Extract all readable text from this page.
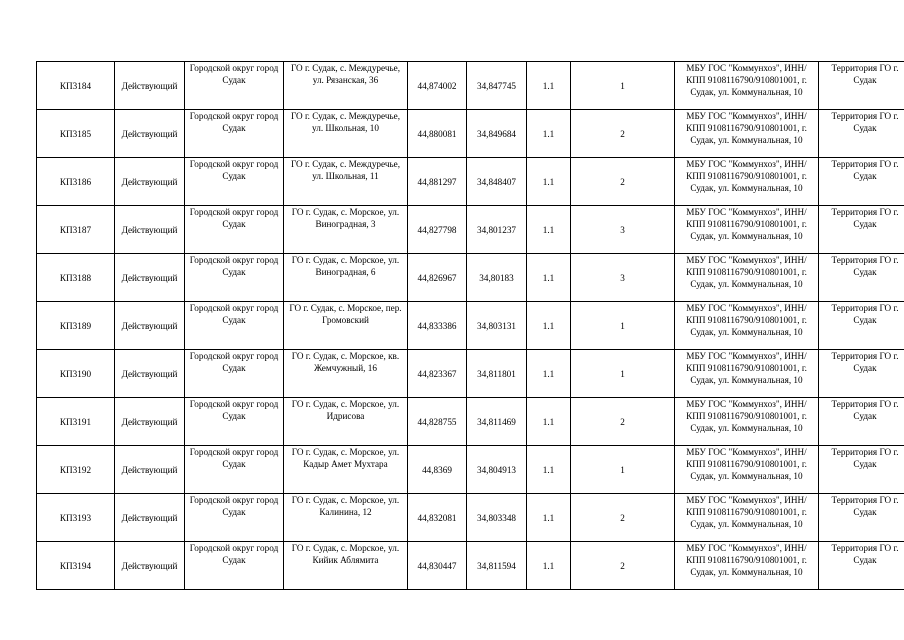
КП3184	Действующий	Городской округ город Судак	ГО г. Судак, с. Междуречье, ул. Рязанская, 36	44,874002	34,847745	1.1	1	МБУ ГОС "Коммунхоз", ИНН/КПП 9108116790/910801001, г. Судак, ул. Коммунальная, 10	Территория ГО г. Судак
КП3185	Действующий	Городской округ город Судак	ГО г. Судак, с. Междуречье, ул. Школьная, 10	44,880081	34,849684	1.1	2	МБУ ГОС "Коммунхоз", ИНН/КПП 9108116790/910801001, г. Судак, ул. Коммунальная, 10	Территория ГО г. Судак
КП3186	Действующий	Городской округ город Судак	ГО г. Судак, с. Междуречье, ул. Школьная, 11	44,881297	34,848407	1.1	2	МБУ ГОС "Коммунхоз", ИНН/КПП 9108116790/910801001, г. Судак, ул. Коммунальная, 10	Территория ГО г. Судак
КП3187	Действующий	Городской округ город Судак	ГО г. Судак, с. Морское, ул. Виноградная, 3	44,827798	34,801237	1.1	3	МБУ ГОС "Коммунхоз", ИНН/КПП 9108116790/910801001, г. Судак, ул. Коммунальная, 10	Территория ГО г. Судак
КП3188	Действующий	Городской округ город Судак	ГО г. Судак, с. Морское, ул. Виноградная, 6	44,826967	34,80183	1.1	3	МБУ ГОС "Коммунхоз", ИНН/КПП 9108116790/910801001, г. Судак, ул. Коммунальная, 10	Территория ГО г. Судак
КП3189	Действующий	Городской округ город Судак	ГО г. Судак, с. Морское, пер. Громовский	44,833386	34,803131	1.1	1	МБУ ГОС "Коммунхоз", ИНН/КПП 9108116790/910801001, г. Судак, ул. Коммунальная, 10	Территория ГО г. Судак
КП3190	Действующий	Городской округ город Судак	ГО г. Судак, с. Морское, кв. Жемчужный, 16	44,823367	34,811801	1.1	1	МБУ ГОС "Коммунхоз", ИНН/КПП 9108116790/910801001, г. Судак, ул. Коммунальная, 10	Территория ГО г. Судак
КП3191	Действующий	Городской округ город Судак	ГО г. Судак, с. Морское, ул. Идрисова	44,828755	34,811469	1.1	2	МБУ ГОС "Коммунхоз", ИНН/КПП 9108116790/910801001, г. Судак, ул. Коммунальная, 10	Территория ГО г. Судак
КП3192	Действующий	Городской округ город Судак	ГО г. Судак, с. Морское, ул. Кадыр Амет Мухтара	44,8369	34,804913	1.1	1	МБУ ГОС "Коммунхоз", ИНН/КПП 9108116790/910801001, г. Судак, ул. Коммунальная, 10	Территория ГО г. Судак
КП3193	Действующий	Городской округ город Судак	ГО г. Судак, с. Морское, ул. Калинина, 12	44,832081	34,803348	1.1	2	МБУ ГОС "Коммунхоз", ИНН/КПП 9108116790/910801001, г. Судак, ул. Коммунальная, 10	Территория ГО г. Судак
КП3194	Действующий	Городской округ город Судак	ГО г. Судак, с. Морское, ул. Кийик Аблямита	44,830447	34,811594	1.1	2	МБУ ГОС "Коммунхоз", ИНН/КПП 9108116790/910801001, г. Судак, ул. Коммунальная, 10	Территория ГО г. Судак
